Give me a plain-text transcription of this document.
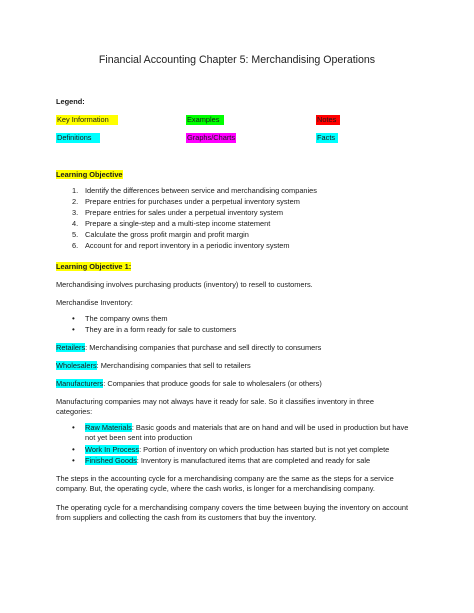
Financial Accounting Chapter 5: Merchandising Operations
Legend:
Key Information	Examples	Notes
Definitions	Graphs/Charts	Facts
Learning Objective
1. Identify the differences between service and merchandising companies
2. Prepare entries for purchases under a perpetual inventory system
3. Prepare entries for sales under a perpetual inventory system
4. Prepare a single-step and a multi-step income statement
5. Calculate the gross profit margin and profit margin
6. Account for and report inventory in a periodic inventory system
Learning Objective 1:
Merchandising involves purchasing products (inventory) to resell to customers.
Merchandise Inventory:
• The company owns them
• They are in a form ready for sale to customers
Retailers: Merchandising companies that purchase and sell directly to consumers
Wholesalers: Merchandising companies that sell to retailers
Manufacturers: Companies that produce goods for sale to wholesalers (or others)
Manufacturing companies may not always have it ready for sale. So it classifies inventory in three categories:
• Raw Materials: Basic goods and materials that are on hand and will be used in production but have not yet been sent into production
• Work In Process: Portion of inventory on which production has started but is not yet complete
• Finished Goods: Inventory is manufactured items that are completed and ready for sale
The steps in the accounting cycle for a merchandising company are the same as the steps for a service company. But, the operating cycle, where the cash works, is longer for a merchandising company.
The operating cycle for a merchandising company covers the time between buying the inventory on account from suppliers and collecting the cash from its customers that buy the inventory.
